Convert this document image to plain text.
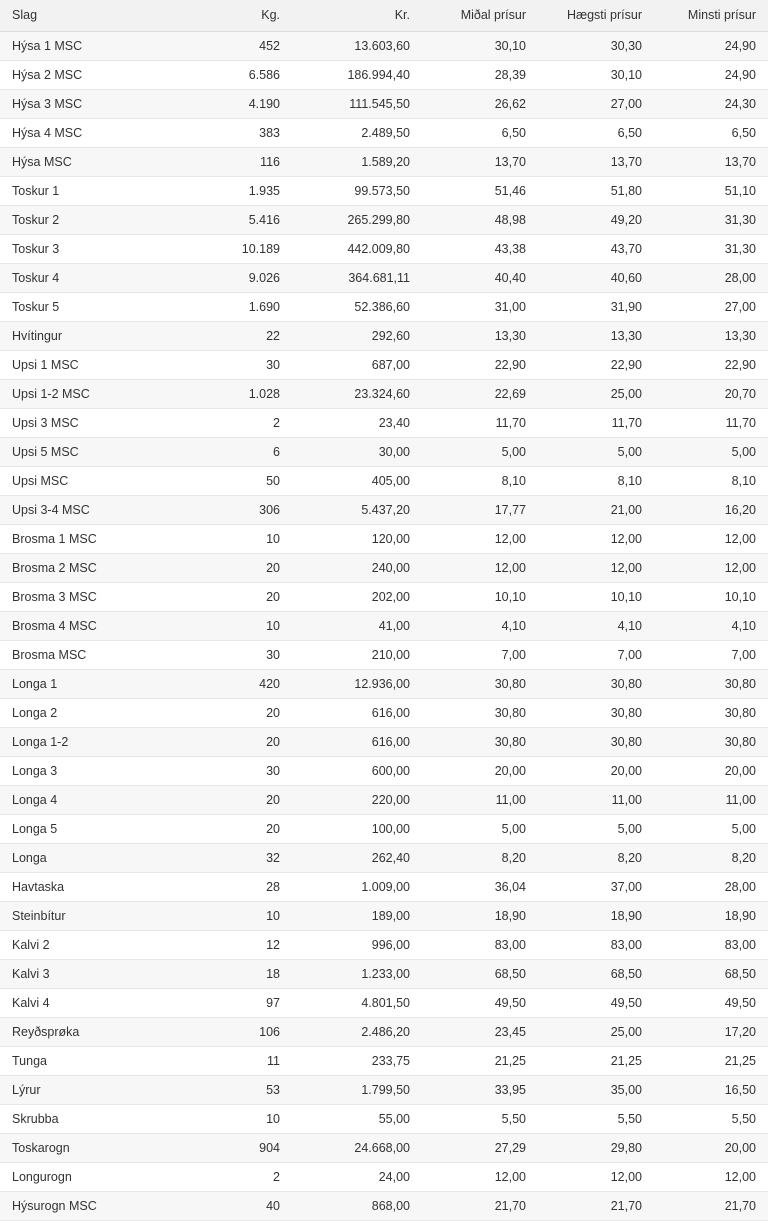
Slag	Kg.	Kr.	Miðal prísur	Hægsti prísur	Minsti prísur
Hýsa 1 MSC	452	13.603,60	30,10	30,30	24,90
Hýsa 2 MSC	6.586	186.994,40	28,39	30,10	24,90
Hýsa 3 MSC	4.190	111.545,50	26,62	27,00	24,30
Hýsa 4 MSC	383	2.489,50	6,50	6,50	6,50
Hýsa MSC	116	1.589,20	13,70	13,70	13,70
Toskur 1	1.935	99.573,50	51,46	51,80	51,10
Toskur 2	5.416	265.299,80	48,98	49,20	31,30
Toskur 3	10.189	442.009,80	43,38	43,70	31,30
Toskur 4	9.026	364.681,11	40,40	40,60	28,00
Toskur 5	1.690	52.386,60	31,00	31,90	27,00
Hvítingur	22	292,60	13,30	13,30	13,30
Upsi 1 MSC	30	687,00	22,90	22,90	22,90
Upsi 1-2 MSC	1.028	23.324,60	22,69	25,00	20,70
Upsi 3 MSC	2	23,40	11,70	11,70	11,70
Upsi 5 MSC	6	30,00	5,00	5,00	5,00
Upsi MSC	50	405,00	8,10	8,10	8,10
Upsi 3-4 MSC	306	5.437,20	17,77	21,00	16,20
Brosma 1 MSC	10	120,00	12,00	12,00	12,00
Brosma 2 MSC	20	240,00	12,00	12,00	12,00
Brosma 3 MSC	20	202,00	10,10	10,10	10,10
Brosma 4 MSC	10	41,00	4,10	4,10	4,10
Brosma MSC	30	210,00	7,00	7,00	7,00
Longa 1	420	12.936,00	30,80	30,80	30,80
Longa 2	20	616,00	30,80	30,80	30,80
Longa 1-2	20	616,00	30,80	30,80	30,80
Longa 3	30	600,00	20,00	20,00	20,00
Longa 4	20	220,00	11,00	11,00	11,00
Longa 5	20	100,00	5,00	5,00	5,00
Longa	32	262,40	8,20	8,20	8,20
Havtaska	28	1.009,00	36,04	37,00	28,00
Steinbítur	10	189,00	18,90	18,90	18,90
Kalvi 2	12	996,00	83,00	83,00	83,00
Kalvi 3	18	1.233,00	68,50	68,50	68,50
Kalvi 4	97	4.801,50	49,50	49,50	49,50
Reyðsprøka	106	2.486,20	23,45	25,00	17,20
Tunga	11	233,75	21,25	21,25	21,25
Lýrur	53	1.799,50	33,95	35,00	16,50
Skrubba	10	55,00	5,50	5,50	5,50
Toskarogn	904	24.668,00	27,29	29,80	20,00
Longurogn	2	24,00	12,00	12,00	12,00
Hýsurogn MSC	40	868,00	21,70	21,70	21,70
